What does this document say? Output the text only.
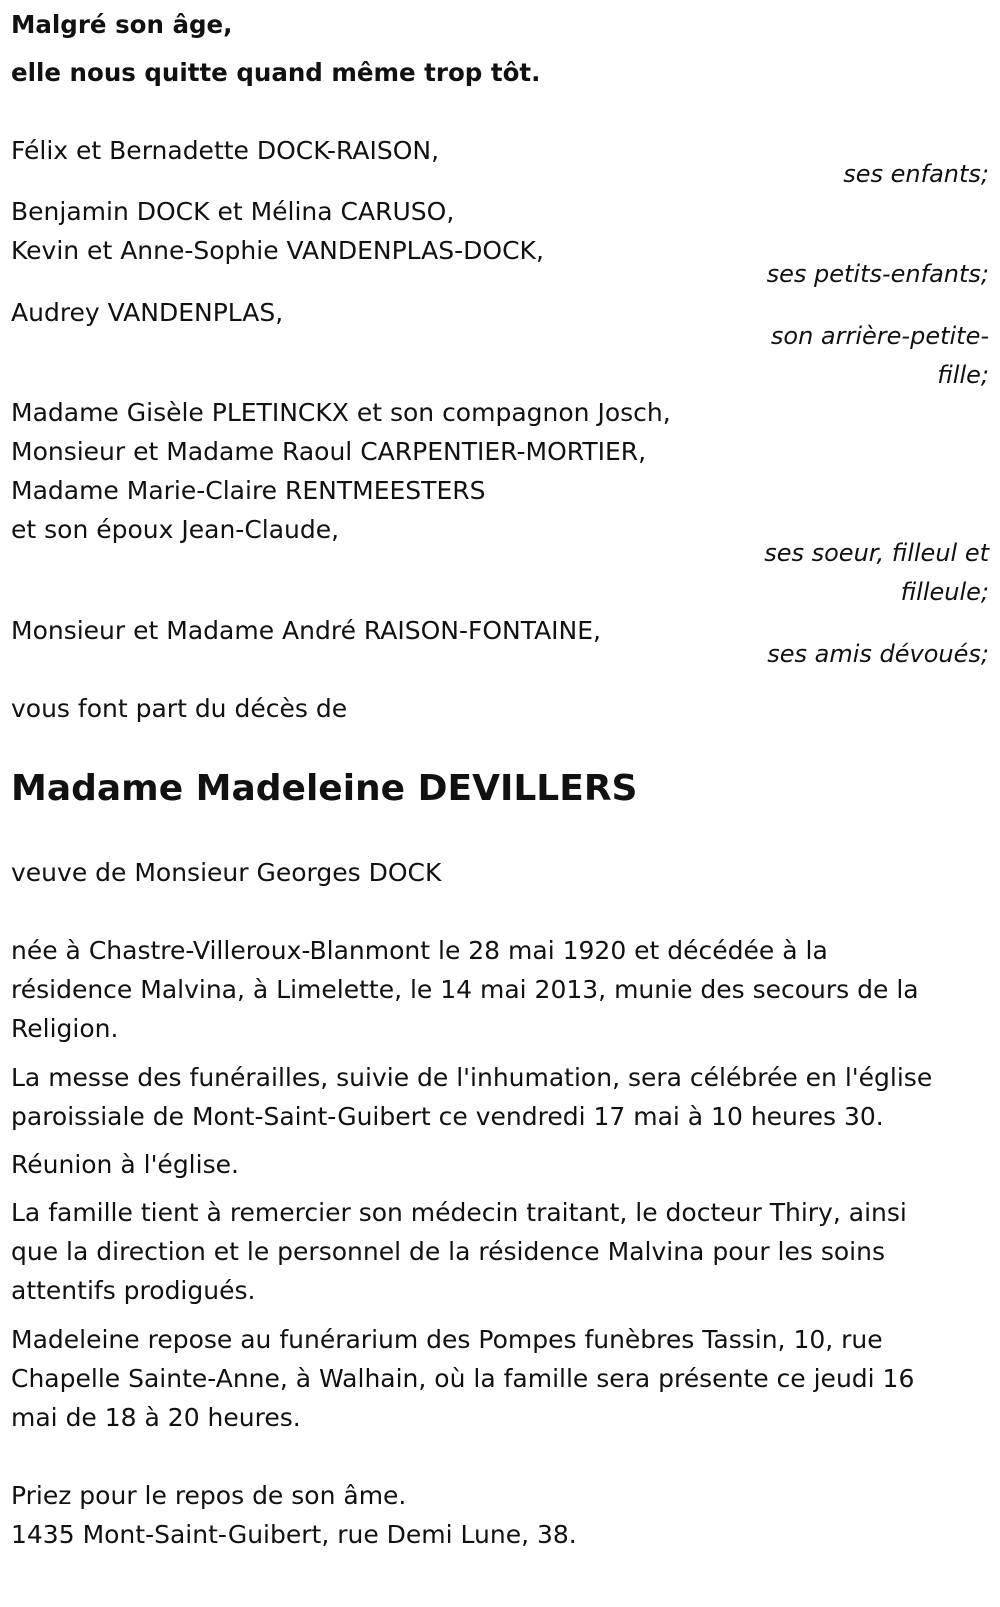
Malgré son âge,

elle nous quitte quand même trop tôt.

Félix et Bernadette DOCK-RAISON,

ses enfants;

Benjamin DOCK et Mélina CARUSO,

Kevin et Anne-Sophie VANDENPLAS-DOCK,

ses petits-enfants;

Audrey VANDENPLAS,

son arrière-petite-

fille;

Madame Gisèle PLETINCKX et son compagnon Josch,

Monsieur et Madame Raoul CARPENTIER-MORTIER,

Madame Marie-Claire RENTMEESTERS

et son époux Jean-Claude,

ses soeur, filleul et

filleule;

Monsieur et Madame André RAISON-FONTAINE,

ses amis dévoués;

vous font part du décès de

Madame Madeleine DEVILLERS

veuve de Monsieur Georges DOCK

née à Chastre-Villeroux-Blanmont le 28 mai 1920 et décédée à la

résidence Malvina, à Limelette, le 14 mai 2013, munie des secours de la

Religion.

La messe des funérailles, suivie de l'inhumation, sera célébrée en l'église

paroissiale de Mont-Saint-Guibert ce vendredi 17 mai à 10 heures 30.

Réunion à l'église.

La famille tient à remercier son médecin traitant, le docteur Thiry, ainsi

que la direction et le personnel de la résidence Malvina pour les soins

attentifs prodigués.

Madeleine repose au funérarium des Pompes funèbres Tassin, 10, rue

Chapelle Sainte-Anne, à Walhain, où la famille sera présente ce jeudi 16

mai de 18 à 20 heures.

Priez pour le repos de son âme.

1435 Mont-Saint-Guibert, rue Demi Lune, 38.
